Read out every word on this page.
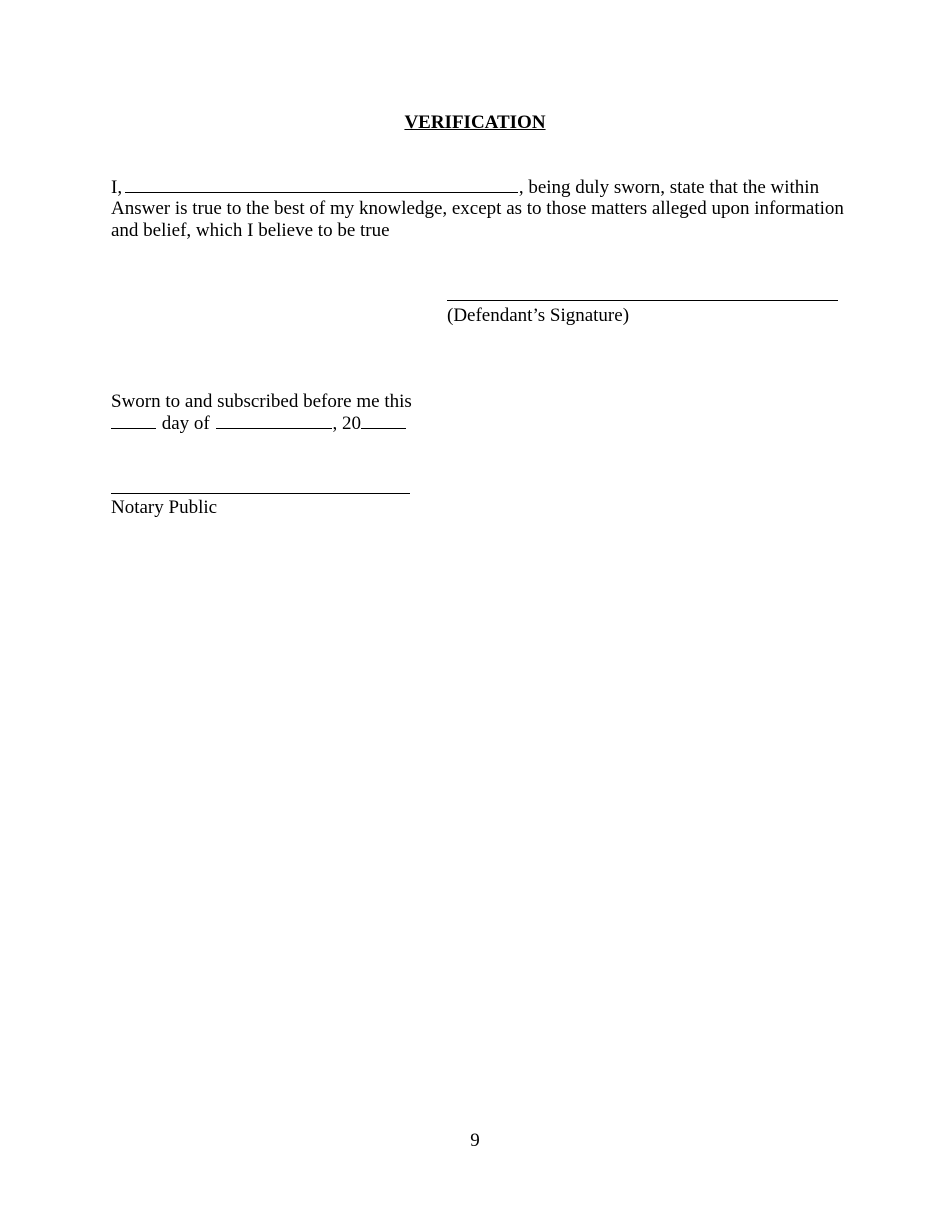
VERIFICATION
I,	, being duly sworn, state that the within
Answer is true to the best of my knowledge, except as to those matters alleged upon information
and belief, which I believe to be true
(Defendant’s Signature)
Sworn to and subscribed before me this
day of	, 20
Notary Public
9
